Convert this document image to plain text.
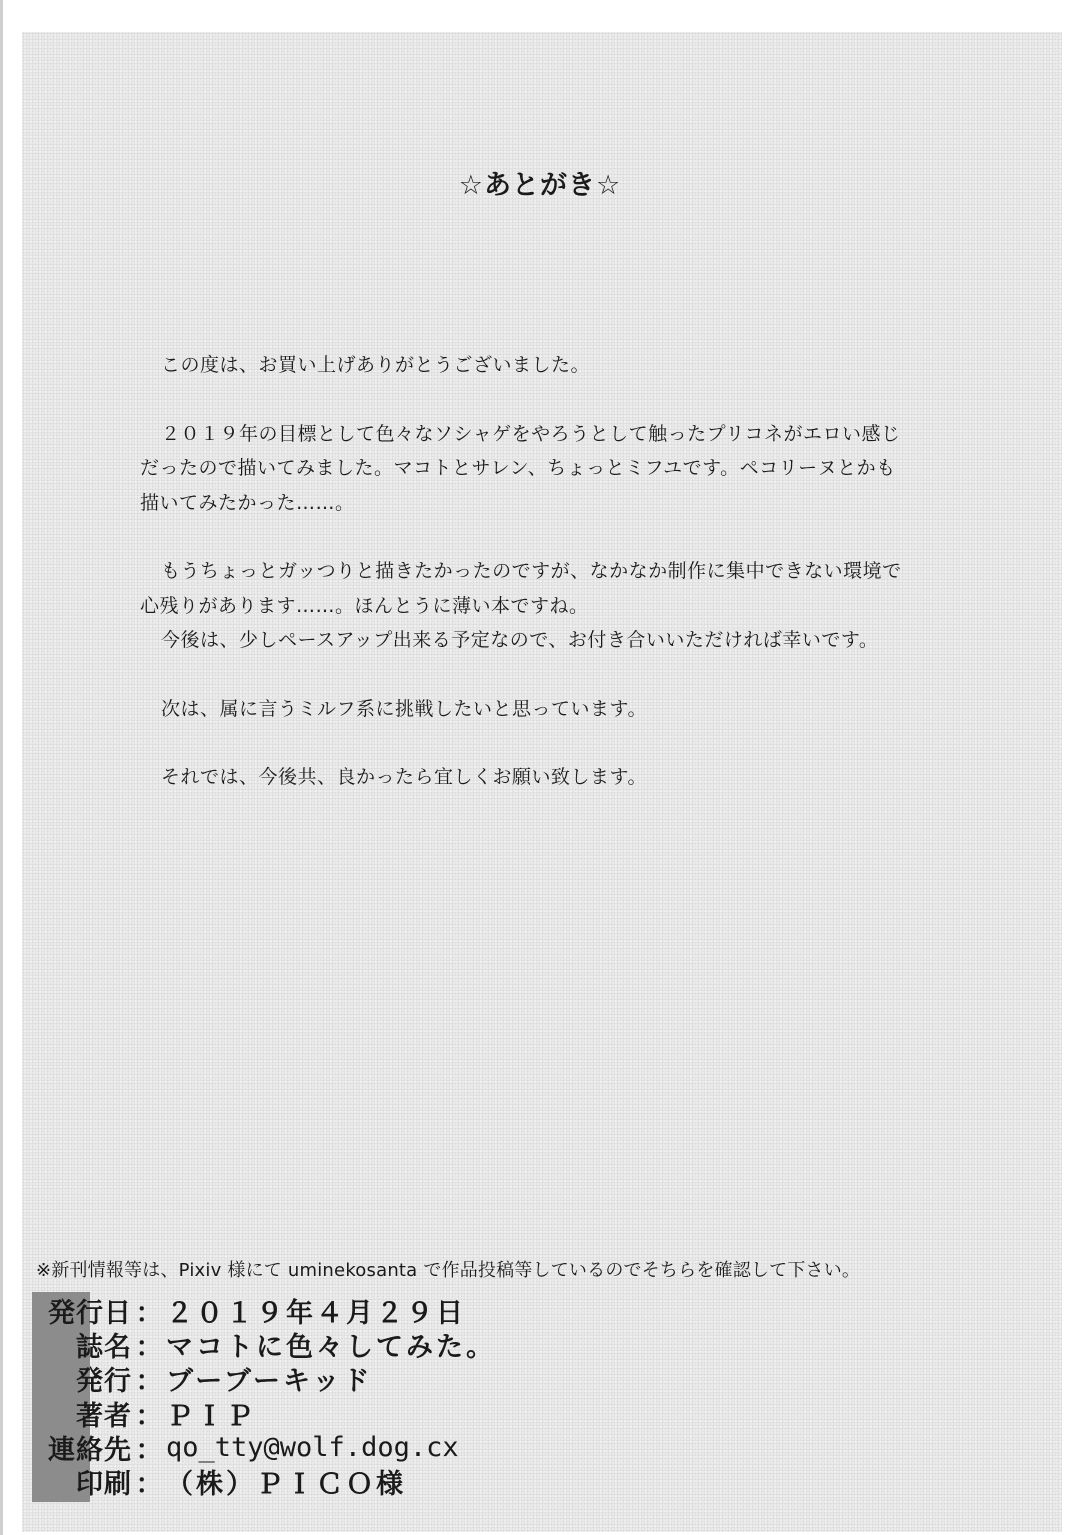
☆あとがき☆

この度は、お買い上げありがとうございました。

２０１９年の目標として色々なソシャゲをやろうとして触ったプリコネがエロい感じ

だったので描いてみました。マコトとサレン、ちょっとミフユです。ペコリーヌとかも

描いてみたかった……。

もうちょっとガッつりと描きたかったのですが、なかなか制作に集中できない環境で

心残りがあります……。ほんとうに薄い本ですね。

今後は、少しペースアップ出来る予定なので、お付き合いいただければ幸いです。

次は、属に言うミルフ系に挑戦したいと思っています。

それでは、今後共、良かったら宜しくお願い致します。

※新刊情報等は、Pixiv 様にて uminekosanta で作品投稿等しているのでそちらを確認して下さい。
発行日 ： ２０１９年４月２９日
誌名 ： マコトに色々してみた。
発行 ： ブーブーキッド
著者 ： ＰＩＰ
連絡先 ： qo_tty@wolf.dog.cx
印刷 ： （株）ＰＩＣＯ様
